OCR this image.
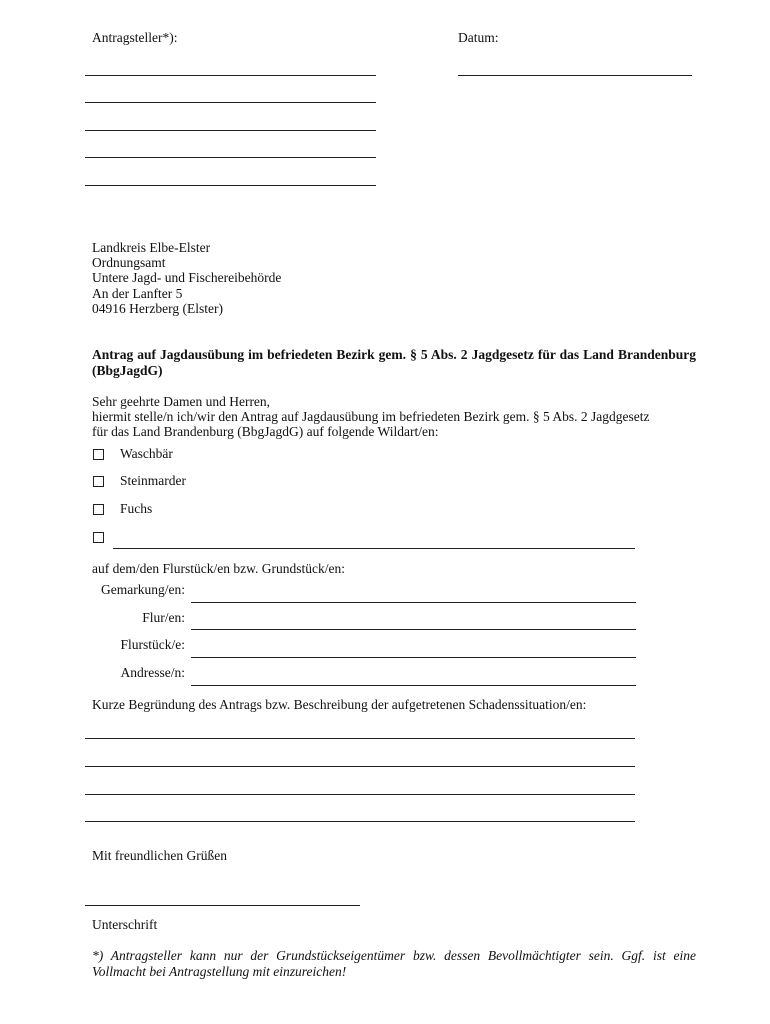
Antragsteller*):	Datum:
Landkreis Elbe-Elster
Ordnungsamt
Untere Jagd- und Fischereibehörde
An der Lanfter 5
04916 Herzberg (Elster)
Antrag auf Jagdausübung im befriedeten Bezirk gem. § 5 Abs. 2 Jagdgesetz für das Land Brandenburg (BbgJagdG)
Sehr geehrte Damen und Herren,
hiermit stelle/n ich/wir den Antrag auf Jagdausübung im befriedeten Bezirk gem. § 5 Abs. 2 Jagdgesetz
für das Land Brandenburg (BbgJagdG) auf folgende Wildart/en:
Waschbär
Steinmarder
Fuchs
auf dem/den Flurstück/en bzw. Grundstück/en:
Gemarkung/en:
Flur/en:
Flurstück/e:
Andresse/n:
Kurze Begründung des Antrags bzw. Beschreibung der aufgetretenen Schadenssituation/en:
Mit freundlichen Grüßen
Unterschrift
*) Antragsteller kann nur der Grundstückseigentümer bzw. dessen Bevollmächtigter sein. Ggf. ist eine Vollmacht bei Antragstellung mit einzureichen!
